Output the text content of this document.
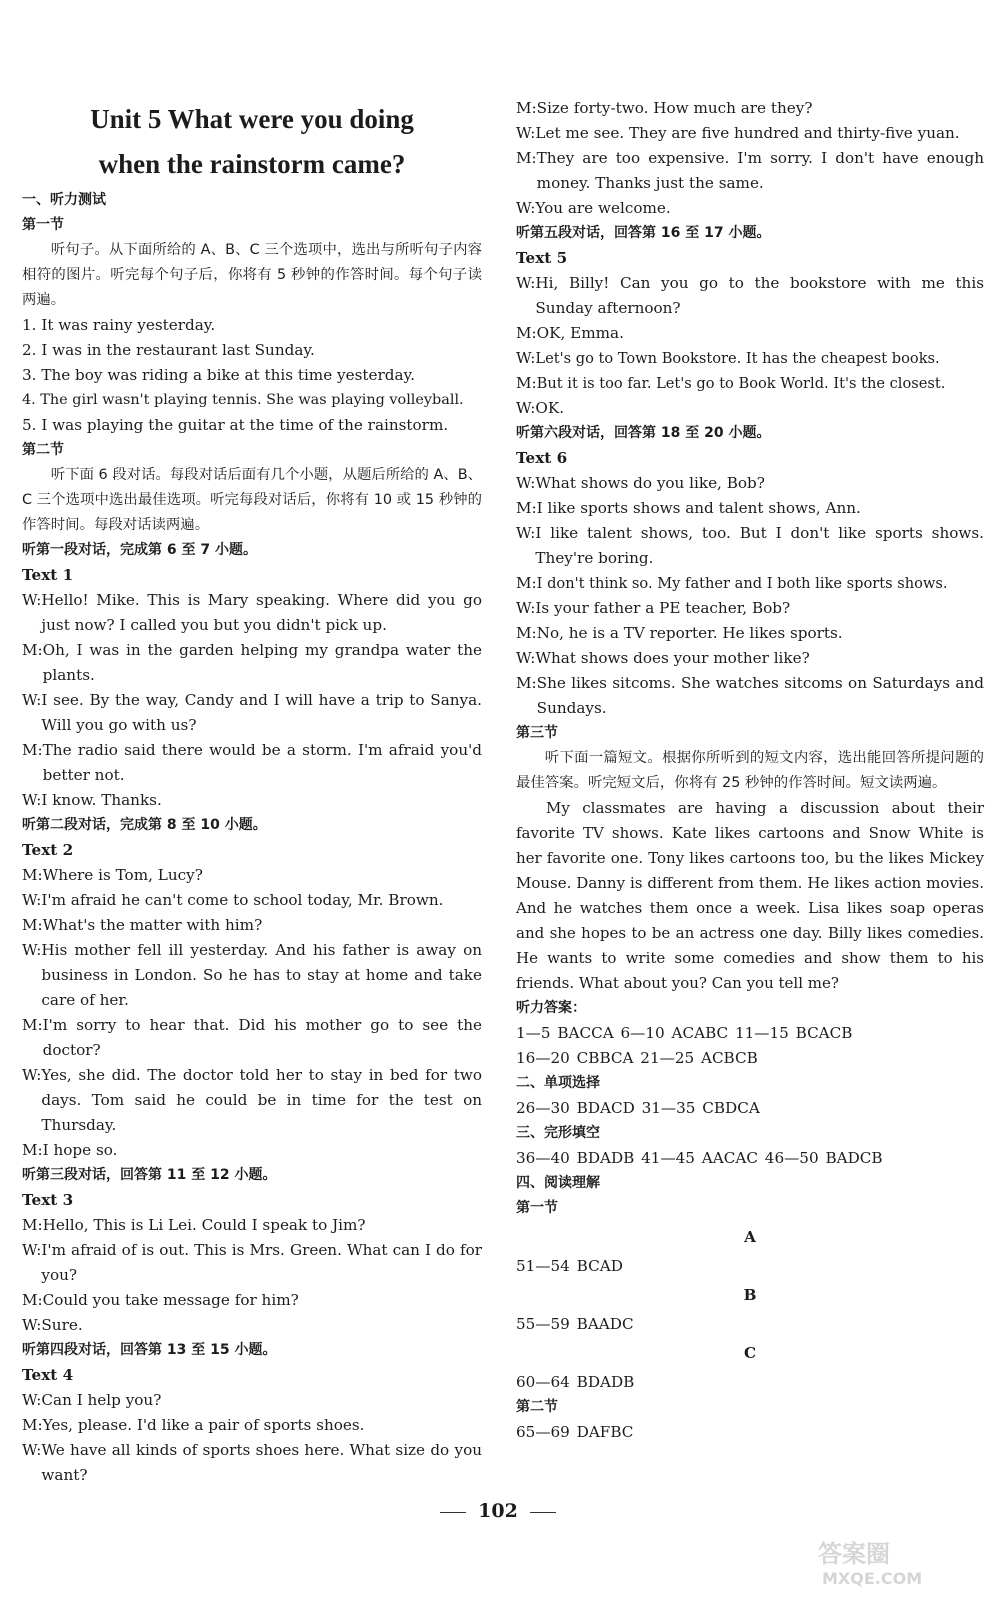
Unit 5 What were you doing
when the rainstorm came?
一、听力测试
第一节
听句子。从下面所给的 A、B、C 三个选项中，选出与所听句子内容相符的图片。听完每个句子后，你将有 5 秒钟的作答时间。每个句子读两遍。
1. It was rainy yesterday.
2. I was in the restaurant last Sunday.
3. The boy was riding a bike at this time yesterday.
4. The girl wasn't playing tennis. She was playing volleyball.
5. I was playing the guitar at the time of the rainstorm.
第二节
听下面 6 段对话。每段对话后面有几个小题，从题后所给的 A、B、C 三个选项中选出最佳选项。听完每段对话后，你将有 10 或 15 秒钟的作答时间。每段对话读两遍。
听第一段对话，完成第 6 至 7 小题。
Text 1
W: Hello! Mike. This is Mary speaking. Where did you go just now? I called you but you didn't pick up.
M: Oh, I was in the garden helping my grandpa water the plants.
W: I see. By the way, Candy and I will have a trip to Sanya. Will you go with us?
M: The radio said there would be a storm. I'm afraid you'd better not.
W: I know. Thanks.
听第二段对话，完成第 8 至 10 小题。
Text 2
M: Where is Tom, Lucy?
W: I'm afraid he can't come to school today, Mr. Brown.
M: What's the matter with him?
W: His mother fell ill yesterday. And his father is away on business in London. So he has to stay at home and take care of her.
M: I'm sorry to hear that. Did his mother go to see the doctor?
W: Yes, she did. The doctor told her to stay in bed for two days. Tom said he could be in time for the test on Thursday.
M: I hope so.
听第三段对话，回答第 11 至 12 小题。
Text 3
M: Hello, This is Li Lei. Could I speak to Jim?
W: I'm afraid of is out. This is Mrs. Green. What can I do for you?
M: Could you take message for him?
W: Sure.
听第四段对话，回答第 13 至 15 小题。
Text 4
W: Can I help you?
M: Yes, please. I'd like a pair of sports shoes.
W: We have all kinds of sports shoes here. What size do you want?
M: Size forty-two. How much are they?
W: Let me see. They are five hundred and thirty-five yuan.
M: They are too expensive. I'm sorry. I don't have enough money. Thanks just the same.
W: You are welcome.
听第五段对话，回答第 16 至 17 小题。
Text 5
W: Hi, Billy! Can you go to the bookstore with me this Sunday afternoon?
M: OK, Emma.
W: Let's go to Town Bookstore. It has the cheapest books.
M: But it is too far. Let's go to Book World. It's the closest.
W: OK.
听第六段对话，回答第 18 至 20 小题。
Text 6
W: What shows do you like, Bob?
M: I like sports shows and talent shows, Ann.
W: I like talent shows, too. But I don't like sports shows. They're boring.
M: I don't think so. My father and I both like sports shows.
W: Is your father a PE teacher, Bob?
M: No, he is a TV reporter. He likes sports.
W: What shows does your mother like?
M: She likes sitcoms. She watches sitcoms on Saturdays and Sundays.
第三节
听下面一篇短文。根据你所听到的短文内容，选出能回答所提问题的最佳答案。听完短文后，你将有 25 秒钟的作答时间。短文读两遍。
My classmates are having a discussion about their favorite TV shows. Kate likes cartoons and Snow White is her favorite one. Tony likes cartoons too, bu the likes Mickey Mouse. Danny is different from them. He likes action movies. And he watches them once a week. Lisa likes soap operas and she hopes to be an actress one day. Billy likes comedies. He wants to write some comedies and show them to his friends. What about you? Can you tell me?
听力答案：
1—5 BACCA 6—10 ACABC 11—15 BCACB
16—20 CBBCA 21—25 ACBCB
二、单项选择
26—30 BDACD 31—35 CBDCA
三、完形填空
36—40 BDADB 41—45 AACAC 46—50 BADCB
四、阅读理解
第一节
A
51—54 BCAD
B
55—59 BAADC
C
60—64 BDADB
第二节
65—69 DAFBC
102
答案圈
MXQE.COM
